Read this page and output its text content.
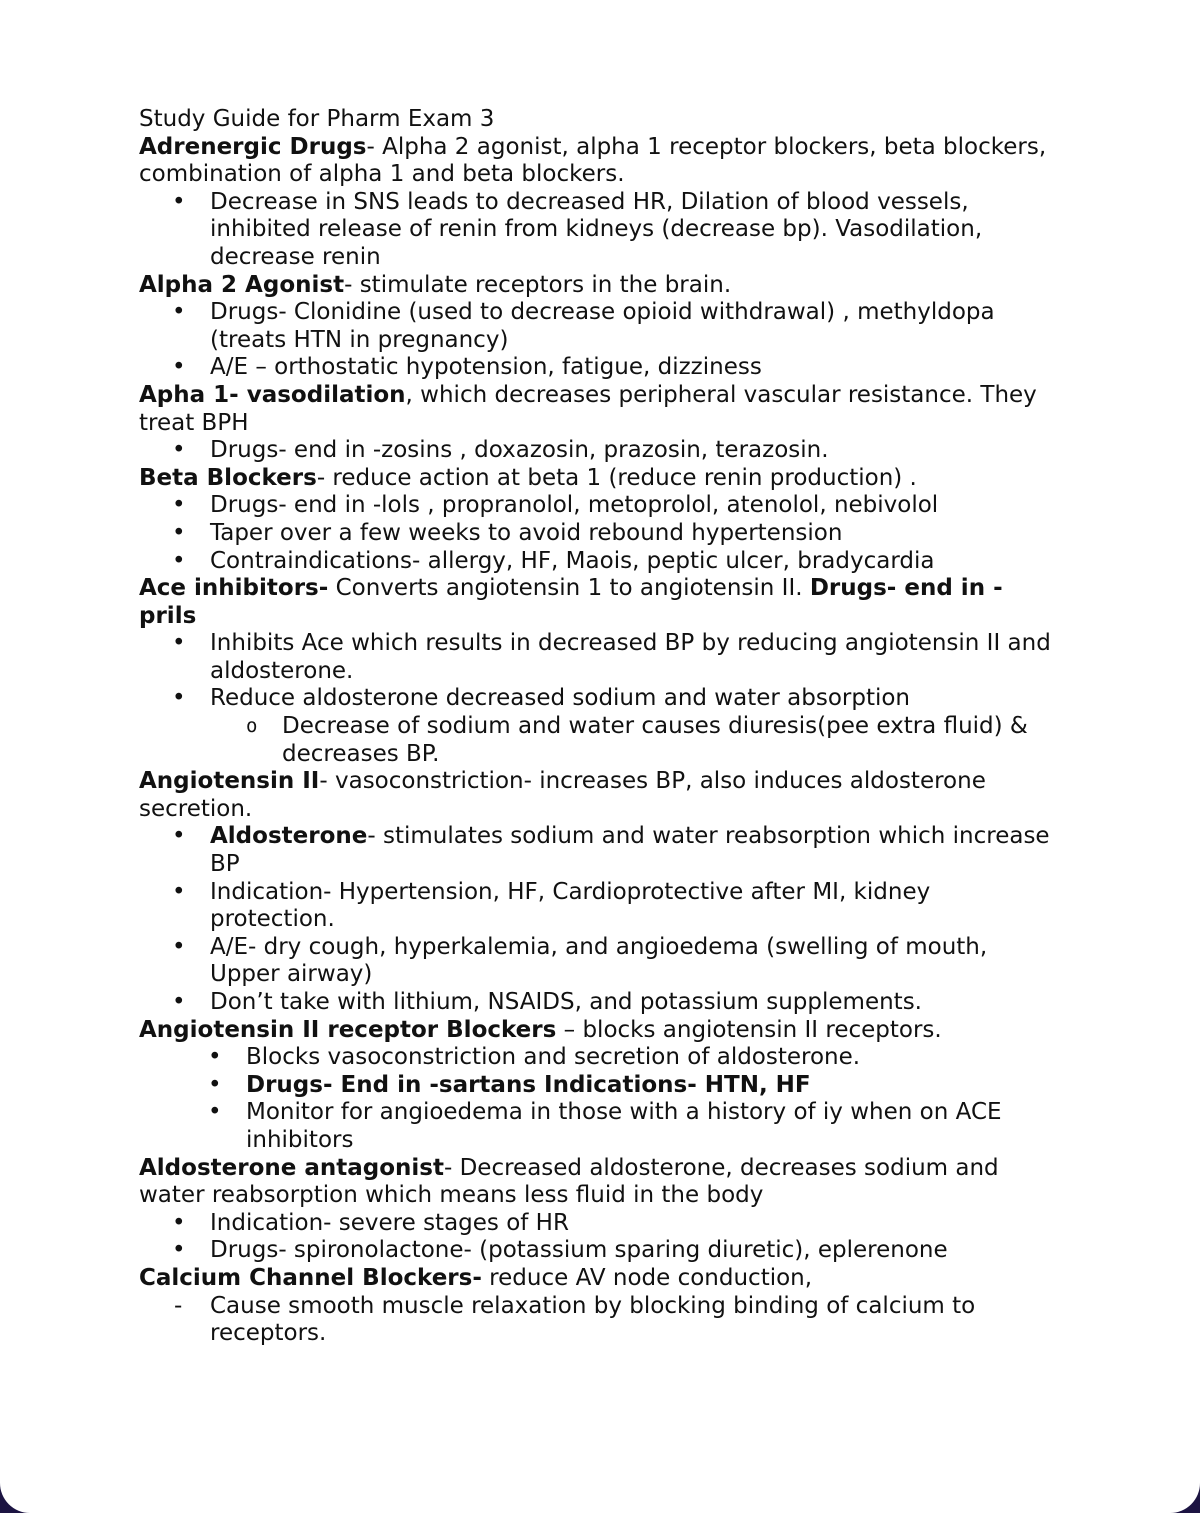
Study Guide for Pharm Exam 3

Adrenergic Drugs- Alpha 2 agonist, alpha 1 receptor blockers, beta blockers, combination of alpha 1 and beta blockers.

• Decrease in SNS leads to decreased HR, Dilation of blood vessels, inhibited release of renin from kidneys (decrease bp). Vasodilation, decrease renin

Alpha 2 Agonist- stimulate receptors in the brain.

• Drugs- Clonidine (used to decrease opioid withdrawal) , methyldopa (treats HTN in pregnancy)
• A/E – orthostatic hypotension, fatigue, dizziness

Apha 1- vasodilation, which decreases peripheral vascular resistance. They treat BPH

• Drugs- end in -zosins , doxazosin, prazosin, terazosin.

Beta Blockers- reduce action at beta 1 (reduce renin production) .

• Drugs- end in -lols , propranolol, metoprolol, atenolol, nebivolol
• Taper over a few weeks to avoid rebound hypertension
• Contraindications- allergy, HF, Maois, peptic ulcer, bradycardia

Ace inhibitors- Converts angiotensin 1 to angiotensin II. Drugs- end in -prils

• Inhibits Ace which results in decreased BP by reducing angiotensin II and aldosterone.
• Reduce aldosterone decreased sodium and water absorption
o Decrease of sodium and water causes diuresis(pee extra fluid) & decreases BP.

Angiotensin II- vasoconstriction- increases BP, also induces aldosterone secretion.

• Aldosterone- stimulates sodium and water reabsorption which increase BP
• Indication- Hypertension, HF, Cardioprotective after MI, kidney protection.
• A/E- dry cough, hyperkalemia, and angioedema (swelling of mouth, Upper airway)
• Don’t take with lithium, NSAIDS, and potassium supplements.

Angiotensin II receptor Blockers – blocks angiotensin II receptors.

• Blocks vasoconstriction and secretion of aldosterone.
• Drugs- End in -sartans Indications- HTN, HF
• Monitor for angioedema in those with a history of iy when on ACE inhibitors

Aldosterone antagonist- Decreased aldosterone, decreases sodium and water reabsorption which means less fluid in the body

• Indication- severe stages of HR
• Drugs- spironolactone- (potassium sparing diuretic), eplerenone

Calcium Channel Blockers- reduce AV node conduction,

- Cause smooth muscle relaxation by blocking binding of calcium to receptors.
